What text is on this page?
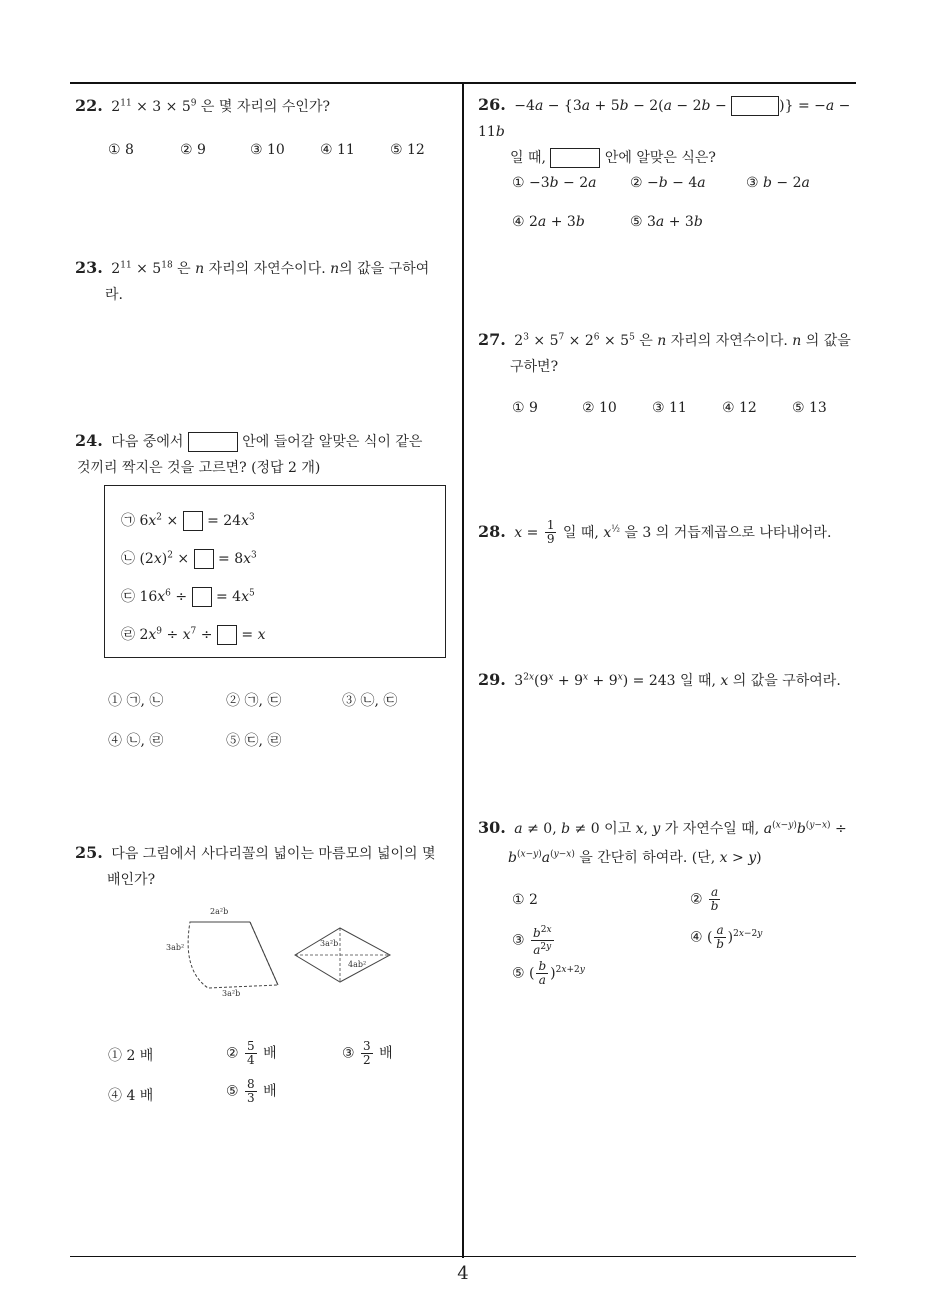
22. $2^{11} \times 3 \times 5^9$ 은 몇 자리의 수인가?
① 8	② 9	③ 10	④ 11	⑤ 12
23. $2^{11} \times 5^{18}$ 은 n 자리의 자연수이다. n의 값을 구하여
라.
24. 다음 중에서	안에 들어갈 알맞은 식이 같은
것끼리 짝지은 것을 고르면? (정답 2 개)
㉠ $6x^2$ ×  = $24x^3$
㉡ $(2x)^2$ ×  = $8x^3$
㉢ $16x^6$ ÷  = $4x^5$
㉣ $2x^9 \div x^7$ ÷  = x
① ㉠, ㉡	② ㉠, ㉢	③ ㉡, ㉢
④ ㉡, ㉣	⑤ ㉢, ㉣
25. 다음 그림에서 사다리꼴의 넓이는 마름모의 넓이의 몇
배인가?
2a²b
3ab²
3a²b
3a²b
4ab²
① 2 배	② $\frac{5}{4}$ 배	③ $\frac{3}{2}$ 배
④ 4 배	⑤ $\frac{8}{3}$ 배
26. −4a − {3a + 5b − 2(a − 2b −	)} = −a − 11b
일 때,	안에 알맞은 식은?
① −3b − 2a ② −b − 4a	③ b − 2a
④ 2a + 3b	⑤ 3a + 3b
27. $2^3 \times 5^7 \times 2^6 \times 5^5$ 은 n 자리의 자연수이다. n 의 값을
구하면?
① 9	② 10	③ 11	④ 12	⑤ 13
28. $x = \frac{1}{9}$ 일 때, $x^{\frac{1}{2}}$ 을 3 의 거듭제곱으로 나타내어라.
29. $3^{2x}(9^x + 9^x + 9^x) = 243$ 일 때, x 의 값을 구하여라.
30. a ≠ 0, b ≠ 0 이고 x, y 가 자연수일 때, $a^{(x-y)}b^{(y-x)}$ ÷
$b^{(x-y)}a^{(y-x)}$ 을 간단히 하여라. (단, x > y)
① 2	② $\frac{a}{b}$
③ $\frac{b^{2x}}{a^{2y}}$	④ ( $\frac{a}{b} )^{2x-2y}$
⑤ ( $\frac{b}{a} )^{2x+2y}$
4
